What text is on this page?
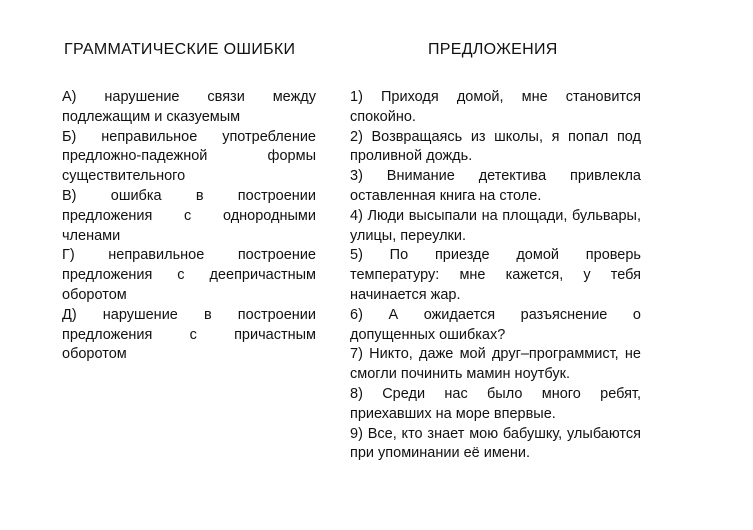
ГРАММАТИЧЕСКИЕ ОШИБКИ	ПРЕДЛОЖЕНИЯ
А) нарушение связи между подлежащим и сказуемым
Б) неправильное употребление предложно-падежной формы существительного
В) ошибка в построении предложения с однородными членами
Г) неправильное построение предложения с деепричастным оборотом
Д) нарушение в построении предложения с причастным оборотом
1) Приходя домой, мне становится спокойно.
2) Возвращаясь из школы, я попал под проливной дождь.
3) Внимание детектива привлекла оставленная книга на столе.
4) Люди высыпали на площади, бульвары, улицы, переулки.
5) По приезде домой проверь температуру: мне кажется, у тебя начинается жар.
6) А ожидается разъяснение о допущенных ошибках?
7) Никто, даже мой друг–программист, не смогли починить мамин ноутбук.
8) Среди нас было много ребят, приехавших на море впервые.
9) Все, кто знает мою бабушку, улыбаются при упоминании её имени.
